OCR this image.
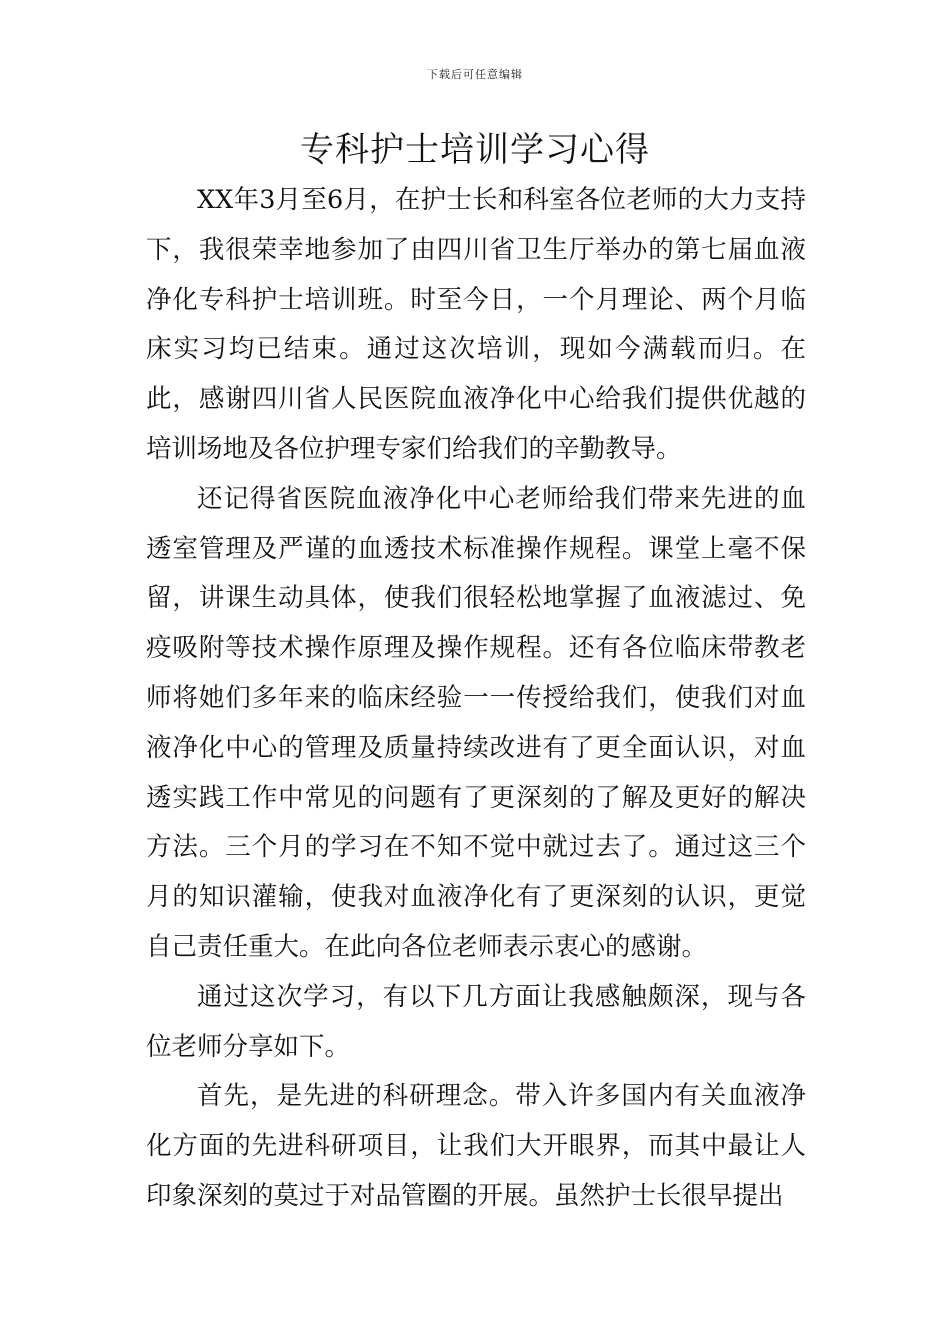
下载后可任意编辑
专科护士培训学习心得

XX年3月至6月，在护士长和科室各位老师的大力支持下，我很荣幸地参加了由四川省卫生厅举办的第七届血液净化专科护士培训班。时至今日，一个月理论、两个月临床实习均已结束。通过这次培训，现如今满载而归。在此，感谢四川省人民医院血液净化中心给我们提供优越的培训场地及各位护理专家们给我们的辛勤教导。

还记得省医院血液净化中心老师给我们带来先进的血透室管理及严谨的血透技术标准操作规程。课堂上毫不保留，讲课生动具体，使我们很轻松地掌握了血液滤过、免疫吸附等技术操作原理及操作规程。还有各位临床带教老师将她们多年来的临床经验一一传授给我们，使我们对血液净化中心的管理及质量持续改进有了更全面认识，对血透实践工作中常见的问题有了更深刻的了解及更好的解决方法。三个月的学习在不知不觉中就过去了。通过这三个月的知识灌输，使我对血液净化有了更深刻的认识，更觉自己责任重大。在此向各位老师表示衷心的感谢。

通过这次学习，有以下几方面让我感触颇深，现与各位老师分享如下。

首先，是先进的科研理念。带入许多国内有关血液净化方面的先进科研项目，让我们大开眼界，而其中最让人印象深刻的莫过于对品管圈的开展。虽然护士长很早提出
